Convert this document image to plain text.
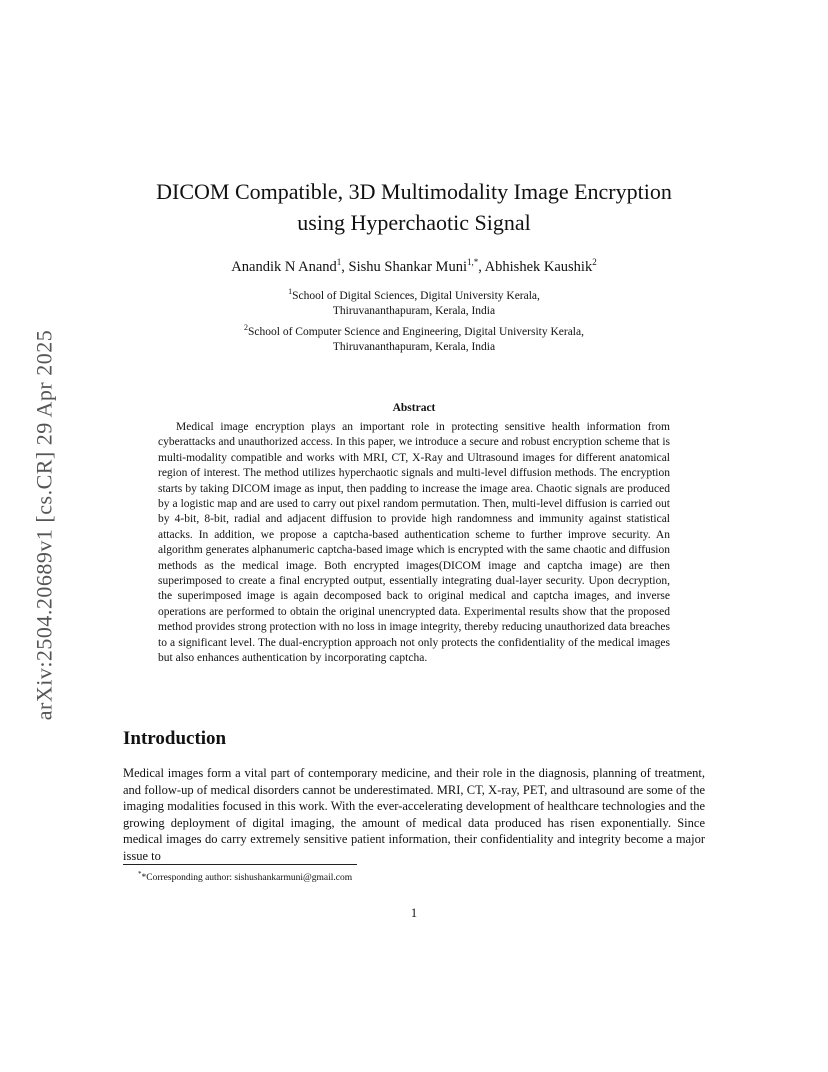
arXiv:2504.20689v1 [cs.CR] 29 Apr 2025
DICOM Compatible, 3D Multimodality Image Encryption
using Hyperchaotic Signal
Anandik N Anand$^1$, Sishu Shankar Muni$^{1,*}$, Abhishek Kaushik$^2$
$^1$School of Digital Sciences, Digital University Kerala,
Thiruvananthapuram, Kerala, India
$^2$School of Computer Science and Engineering, Digital University Kerala,
Thiruvananthapuram, Kerala, India
Abstract

Medical image encryption plays an important role in protecting sensitive health information from cyberattacks and unauthorized access. In this paper, we introduce a secure and robust encryption scheme that is multi-modality compatible and works with MRI, CT, X-Ray and Ultrasound images for different anatomical region of interest. The method utilizes hyperchaotic signals and multi-level diffusion methods. The encryption starts by taking DICOM image as input, then padding to increase the image area. Chaotic signals are produced by a logistic map and are used to carry out pixel random permutation. Then, multi-level diffusion is carried out by 4-bit, 8-bit, radial and adjacent diffusion to provide high randomness and immunity against statistical attacks. In addition, we propose a captcha-based authentication scheme to further improve security. An algorithm generates alphanumeric captcha-based image which is encrypted with the same chaotic and diffusion methods as the medical image. Both encrypted images(DICOM image and captcha image) are then superimposed to create a final encrypted output, essentially integrating dual-layer security. Upon decryption, the superimposed image is again decomposed back to original medical and captcha images, and inverse operations are performed to obtain the original unencrypted data. Experimental results show that the proposed method provides strong protection with no loss in image integrity, thereby reducing unauthorized data breaches to a significant level. The dual-encryption approach not only protects the confidentiality of the medical images but also enhances authentication by incorporating captcha.

Introduction

Medical images form a vital part of contemporary medicine, and their role in the diagnosis, planning of treatment, and follow-up of medical disorders cannot be underestimated. MRI, CT, X-ray, PET, and ultrasound are some of the imaging modalities focused in this work. With the ever-accelerating development of healthcare technologies and the growing deployment of digital imaging, the amount of medical data produced has risen exponentially. Since medical images do carry extremely sensitive patient information, their confidentiality and integrity become a major issue to

**Corresponding author: sishushankarmuni@gmail.com
1
